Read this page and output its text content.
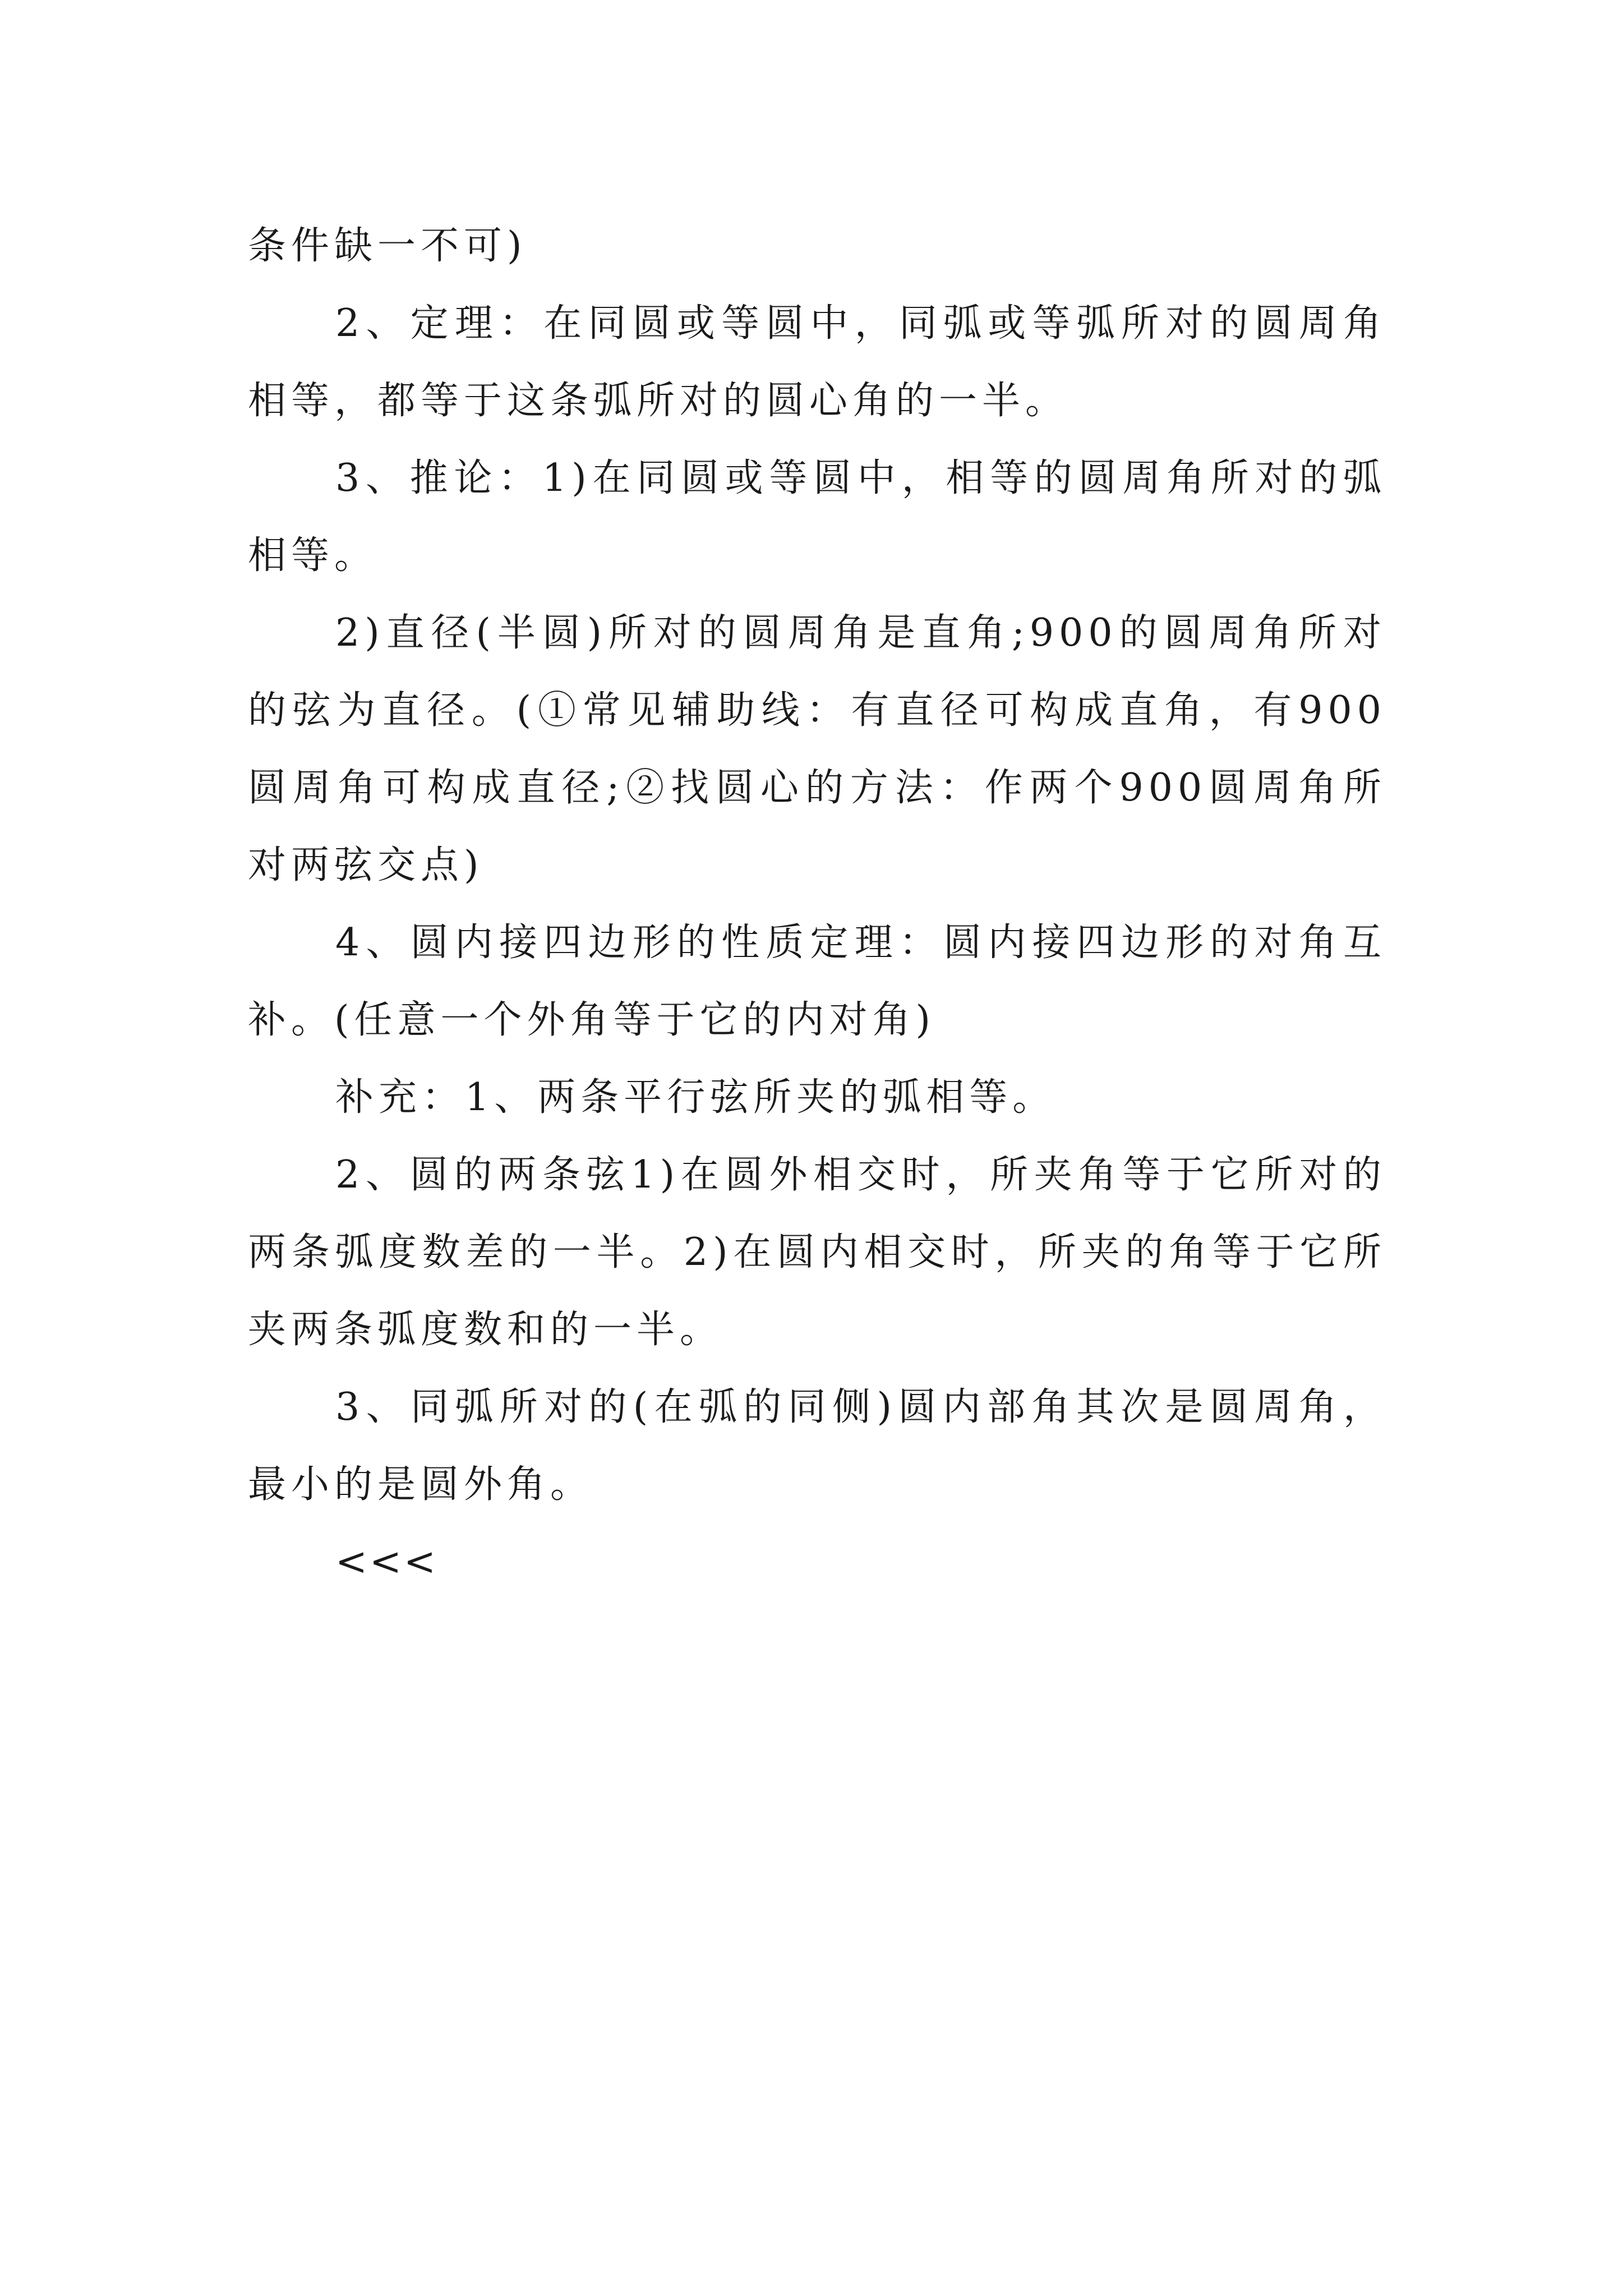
条件缺一不可)

2、定理：在同圆或等圆中，同弧或等弧所对的圆周角相等，都等于这条弧所对的圆心角的一半。

3、推论：1)在同圆或等圆中，相等的圆周角所对的弧相等。

2)直径(半圆)所对的圆周角是直角;900的圆周角所对的弦为直径。(①常见辅助线：有直径可构成直角，有900圆周角可构成直径;②找圆心的方法：作两个900圆周角所对两弦交点)

4、圆内接四边形的性质定理：圆内接四边形的对角互补。(任意一个外角等于它的内对角)

补充：1、两条平行弦所夹的弧相等。

2、圆的两条弦1)在圆外相交时，所夹角等于它所对的两条弧度数差的一半。2)在圆内相交时，所夹的角等于它所夹两条弧度数和的一半。

3、同弧所对的(在弧的同侧)圆内部角其次是圆周角，最小的是圆外角。

<<<
